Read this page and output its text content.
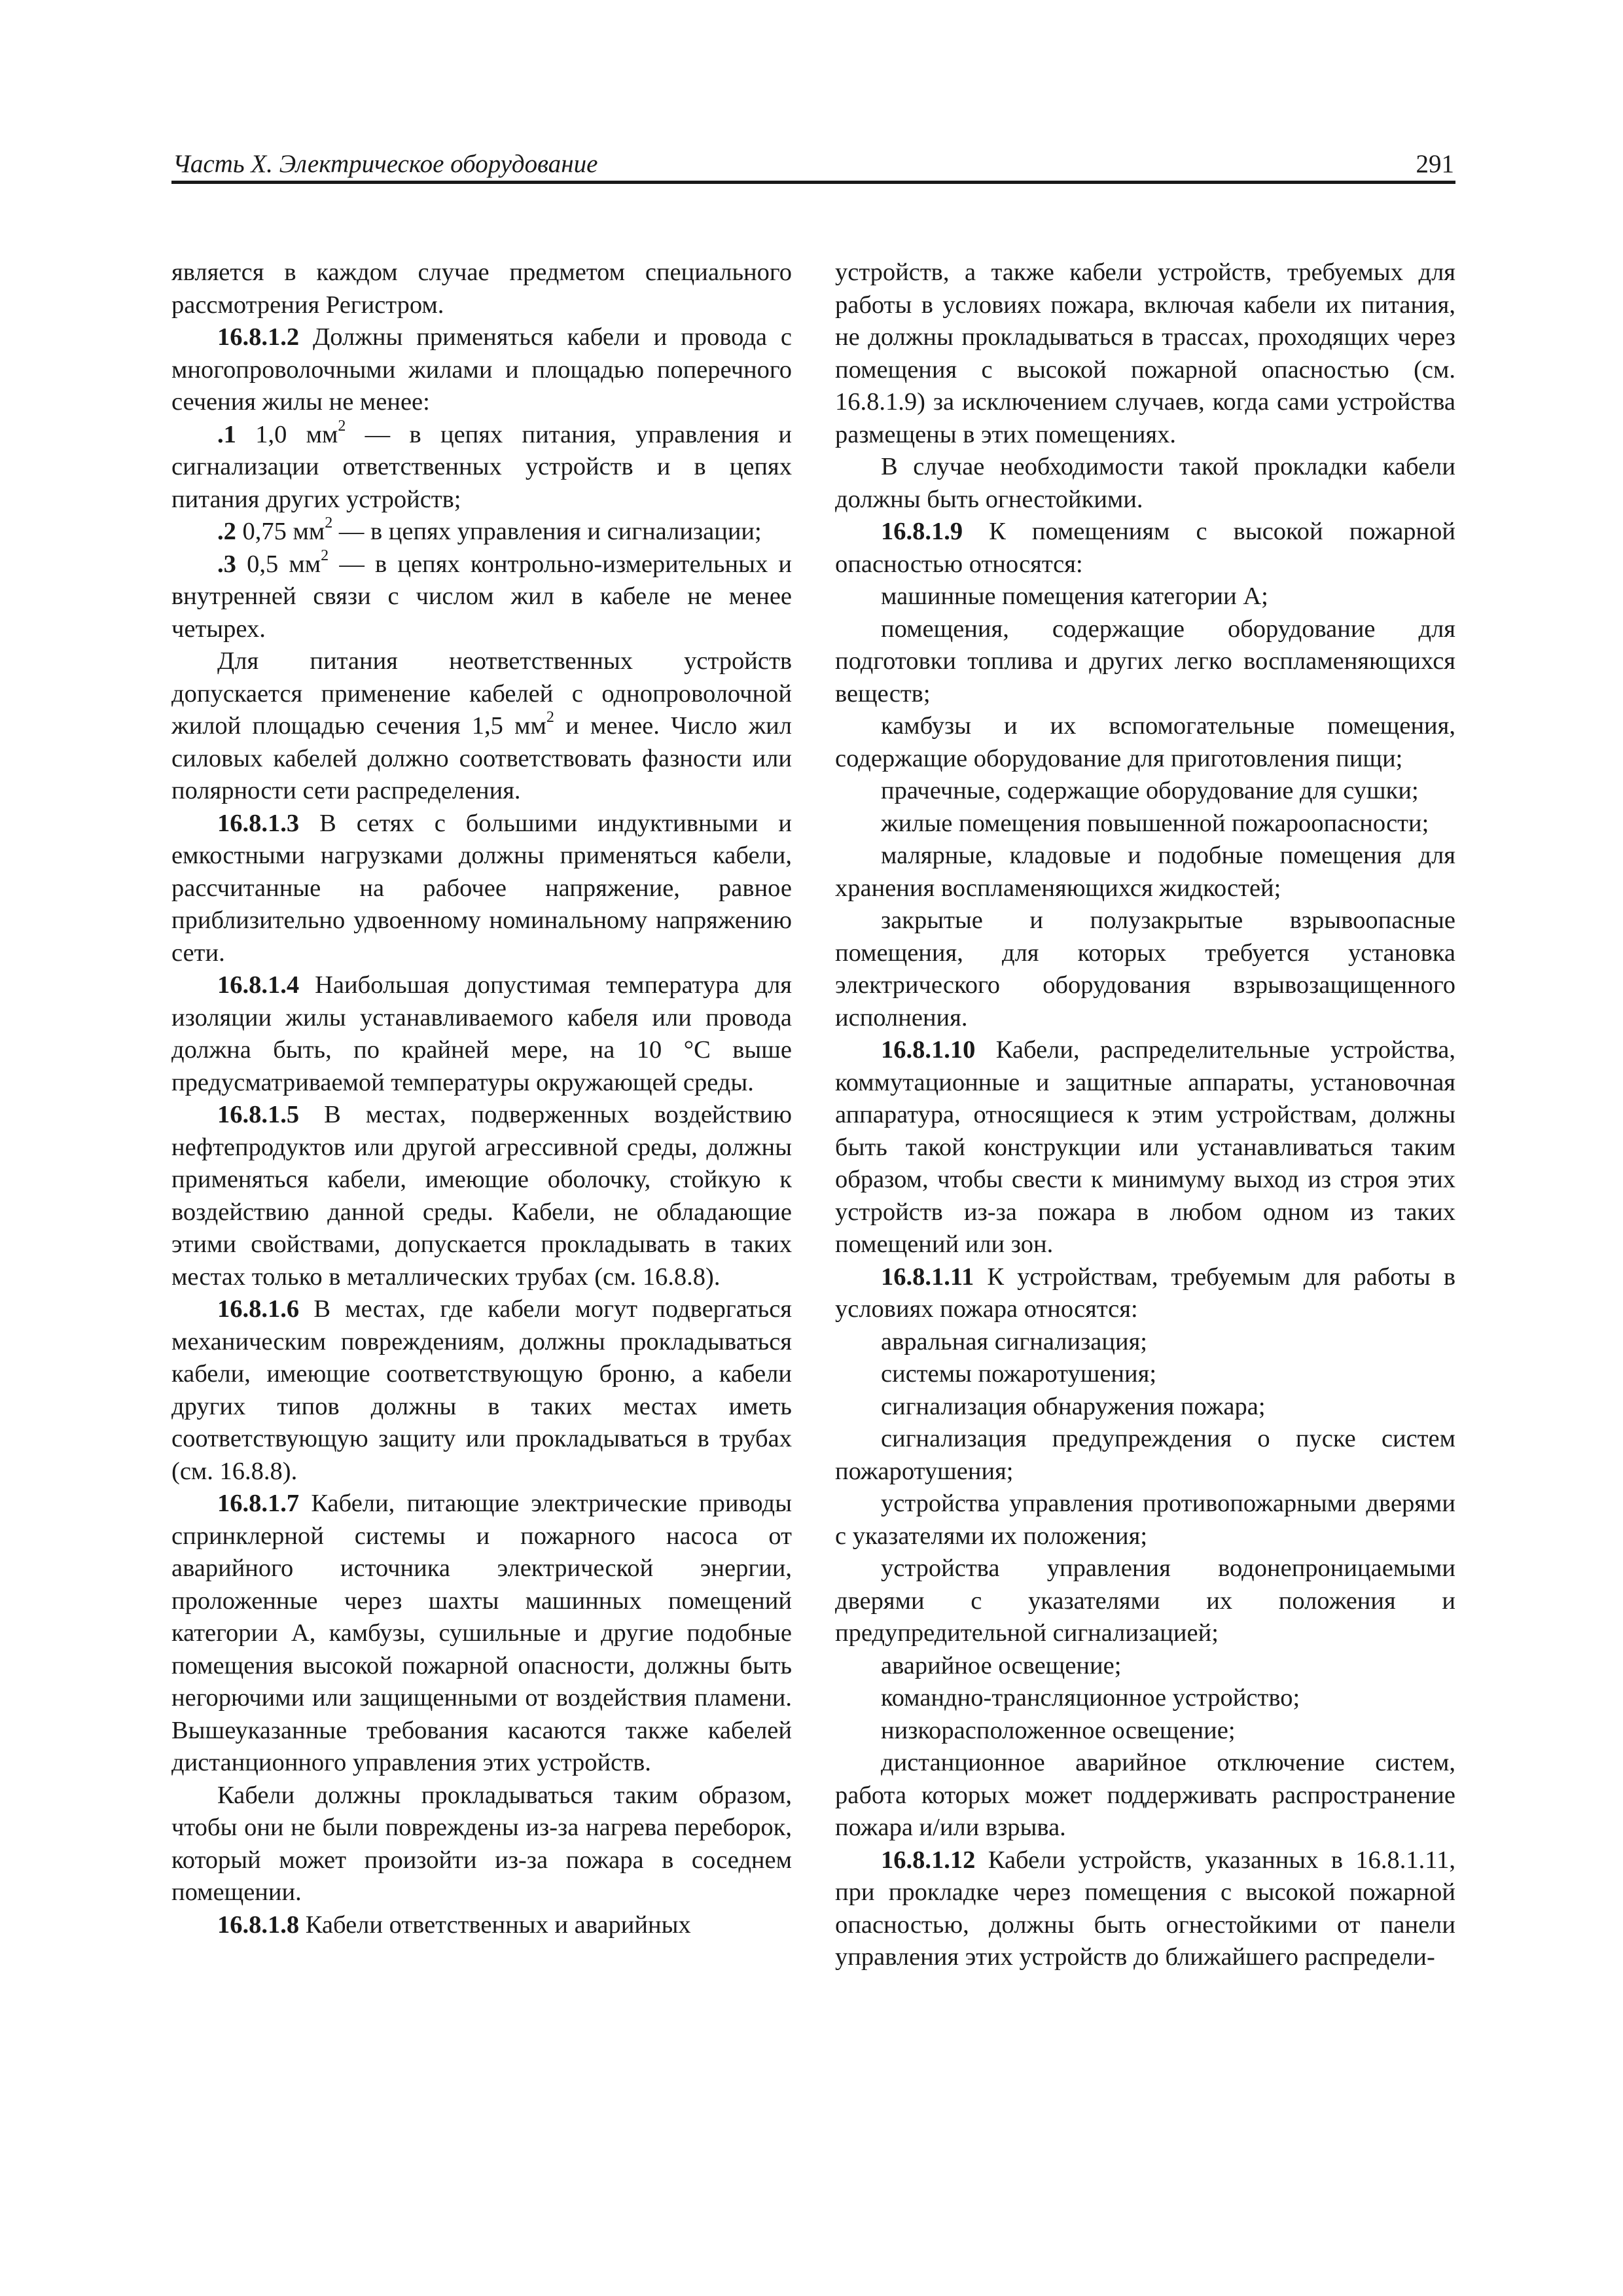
Часть X. Электрическое оборудование	291

является в каждом случае предметом специального рассмотрения Регистром.

16.8.1.2 Должны применяться кабели и провода с многопроволочными жилами и площадью поперечного сечения жилы не менее:

.1 1,0 $мм^2$ — в цепях питания, управления и сигнализации ответственных устройств и в цепях питания других устройств;

.2 0,75 $мм^2$ — в цепях управления и сигнализации;

.3 0,5 $мм^2$ — в цепях контрольно-измерительных и внутренней связи с числом жил в кабеле не менее четырех.

Для питания неответственных устройств допускается применение кабелей с однопроволочной жилой площадью сечения 1,5 $мм^2$ и менее. Число жил силовых кабелей должно соответствовать фазности или полярности сети распределения.

16.8.1.3 В сетях с большими индуктивными и емкостными нагрузками должны применяться кабели, рассчитанные на рабочее напряжение, равное приблизительно удвоенному номинальному напряжению сети.

16.8.1.4 Наибольшая допустимая температура для изоляции жилы устанавливаемого кабеля или провода должна быть, по крайней мере, на 10 °С выше предусматриваемой температуры окружающей среды.

16.8.1.5 В местах, подверженных воздействию нефтепродуктов или другой агрессивной среды, должны применяться кабели, имеющие оболочку, стойкую к воздействию данной среды. Кабели, не обладающие этими свойствами, допускается прокладывать в таких местах только в металлических трубах (см. 16.8.8).

16.8.1.6 В местах, где кабели могут подвергаться механическим повреждениям, должны прокладываться кабели, имеющие соответствующую броню, а кабели других типов должны в таких местах иметь соответствующую защиту или прокладываться в трубах (см. 16.8.8).

16.8.1.7 Кабели, питающие электрические приводы спринклерной системы и пожарного насоса от аварийного источника электрической энергии, проложенные через шахты машинных помещений категории А, камбузы, сушильные и другие подобные помещения высокой пожарной опасности, должны быть негорючими или защищенными от воздействия пламени. Вышеуказанные требования касаются также кабелей дистанционного управления этих устройств.

Кабели должны прокладываться таким образом, чтобы они не были повреждены из-за нагрева переборок, который может произойти из-за пожара в соседнем помещении.

16.8.1.8 Кабели ответственных и аварийных

устройств, а также кабели устройств, требуемых для работы в условиях пожара, включая кабели их питания, не должны прокладываться в трассах, проходящих через помещения с высокой пожарной опасностью (см. 16.8.1.9) за исключением случаев, когда сами устройства размещены в этих помещениях.

В случае необходимости такой прокладки кабели должны быть огнестойкими.

16.8.1.9 К помещениям с высокой пожарной опасностью относятся:

машинные помещения категории А;

помещения, содержащие оборудование для подготовки топлива и других легко воспламеняющихся веществ;

камбузы и их вспомогательные помещения, содержащие оборудование для приготовления пищи;

прачечные, содержащие оборудование для сушки;

жилые помещения повышенной пожароопасности;

малярные, кладовые и подобные помещения для хранения воспламеняющихся жидкостей;

закрытые и полузакрытые взрывоопасные помещения, для которых требуется установка электрического оборудования взрывозащищенного исполнения.

16.8.1.10 Кабели, распределительные устройства, коммутационные и защитные аппараты, установочная аппаратура, относящиеся к этим устройствам, должны быть такой конструкции или устанавливаться таким образом, чтобы свести к минимуму выход из строя этих устройств из-за пожара в любом одном из таких помещений или зон.

16.8.1.11 К устройствам, требуемым для работы в условиях пожара относятся:

авральная сигнализация;

системы пожаротушения;

сигнализация обнаружения пожара;

сигнализация предупреждения о пуске систем пожаротушения;

устройства управления противопожарными дверями с указателями их положения;

устройства управления водонепроницаемыми дверями с указателями их положения и предупредительной сигнализацией;

аварийное освещение;

командно-трансляционное устройство;

низкорасположенное освещение;

дистанционное аварийное отключение систем, работа которых может поддерживать распространение пожара и/или взрыва.

16.8.1.12 Кабели устройств, указанных в 16.8.1.11, при прокладке через помещения с высокой пожарной опасностью, должны быть огнестойкими от панели управления этих устройств до ближайшего распредели-
